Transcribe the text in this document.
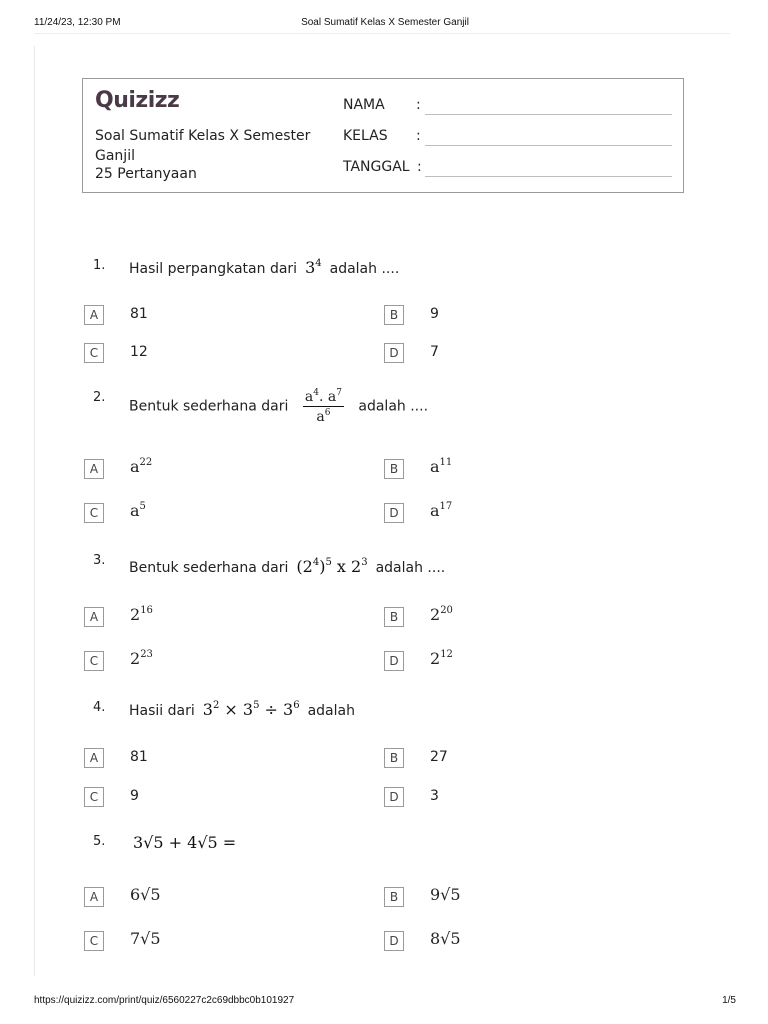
11/24/23, 12:30 PM	Soal Sumatif Kelas X Semester Ganjil
Quizizz
Soal Sumatif Kelas X Semester Ganjil
25 Pertanyaan
NAMA :
KELAS :
TANGGAL :
1. Hasil perpangkatan dari $3^4$ adalah ....
A	81	B	9
C	12	D	7
2.
Bentuk sederhana dari $\frac{a^4. a^7}{a^6}$ adalah ....
A	$a^{22}$	B	$a^{11}$
C	$a^5$	D	$a^{17}$
3. Bentuk sederhana dari $(2^4)^5$ x $2^3$ adalah ....
A	$2^{16}$	B	$2^{20}$
C	$2^{23}$	D	$2^{12}$
4. Hasii dari $3^2 \times 3^5 \div 3^6$ adalah
A	81	B	27
C	9	D	3
5. 3√5 + 4√5 =
A	6√5	B	9√5
C	7√5	D	8√5
https://quizizz.com/print/quiz/6560227c2c69dbbc0b101927	1/5
